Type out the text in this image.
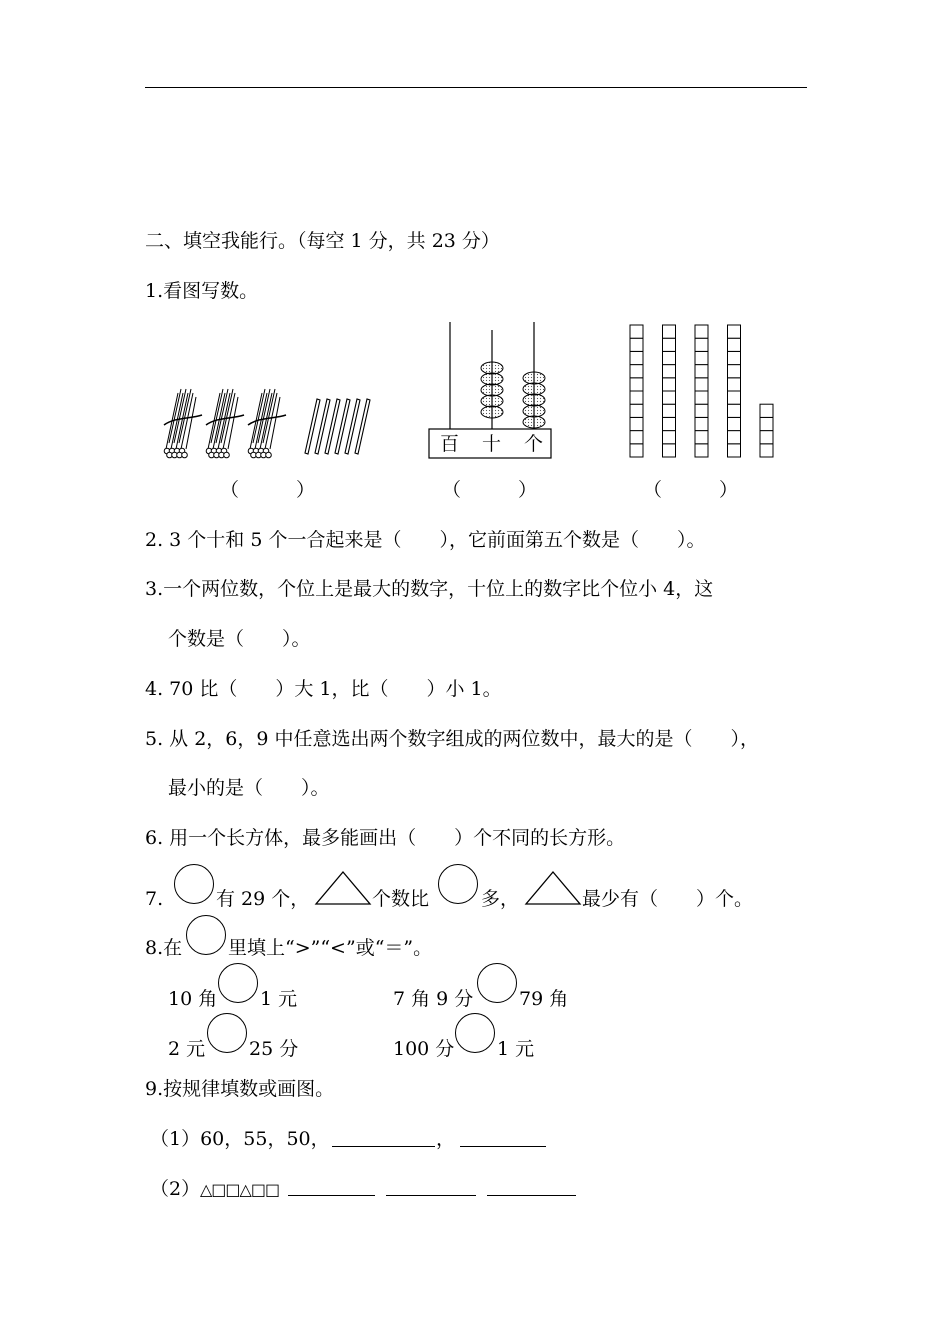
二、填空我能行。（每空 1 分，共 23 分）
1.看图写数。
百 十 个
（　　　）	（　　　）	（　　　）
2. 3 个十和 5 个一合起来是（　　），它前面第五个数是（　　）。
3.一个两位数，个位上是最大的数字，十位上的数字比个位小 4，这
个数是（　　）。
4. 70 比（　　）大 1，比（　　）小 1。
5. 从 2，6，9 中任意选出两个数字组成的两位数中，最大的是（　　），
最小的是（　　）。
6. 用一个长方体，最多能画出（　　）个不同的长方形。
7.	有 29 个，	个数比	多，	最少有（　　）个。
8.在 里填上“>”“<”或“＝”。
10 角 1 元	7 角 9 分 79 角
2 元 25 分	100 分 1 元
9.按规律填数或画图。
（1）60，55，50，	，
（2） △□□△□□
